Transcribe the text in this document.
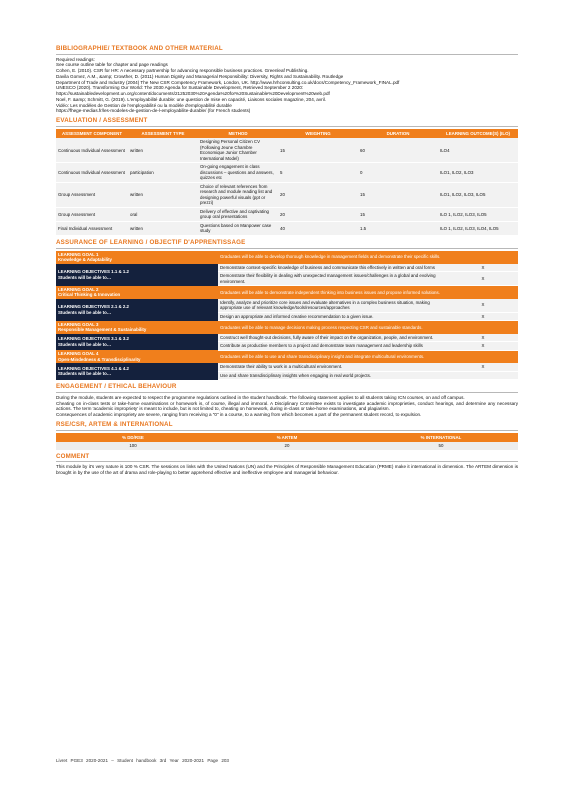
BIBLIOGRAPHIE/ TEXTBOOK AND OTHER MATERIAL

Required readings:

See course outline table for chapter and page readings

Cohen, E. (2010). CSR for HR: A necessary partnership for advancing responsible business practices. Greenleaf Publishing.

Davila Gomez, A.M., &amp; Crowther, D. (2011) Human Dignity and Managerial Responsibility: Diversity, Rights and Sustainability. Routledge

Department of Trade and Industry (2004) The New CSR Competency Framework, London, UK. http://www.hrhconsulting.co.uk/docs/Competency_Framework_FINAL.pdf

UNESCO (2020). Transforming Our World: The 2030 Agenda for Sustainable Development, Retrieved September 2 2020: https://sustainabledevelopment.un.org/content/documents/21252030%20Agenda%20for%20Sustainable%20Development%20web.pdf

Noel, F. &amp; Schmitt, G. (2019). L'employabilité durable: une question de mise en capacité, Liaisons sociales magazine, 204, avril.

Vidéo: Les modèles de Gestion de l'employabilité ou la modèle d'employabilité durable

https://fhege-medias.fr/les-modeles-de-gestion-de-l-employabilite-durable/ (for French students)

EVALUATION / ASSESSMENT
ASSESSMENT COMPONENT	ASSESSMENT TYPE	METHOD	WEIGHTING	DURATION	LEARNING OUTCOME(S) (ILO)
Continuous Individual Assessment	written	Designing Personal Citizen CV (Following Jeune Chambre Economique Junior Chamber International Model)	15	60	ILO4
Continuous Individual Assessment	participation	On-going engagement in class discussions – questions and answers, quizzes etc	5	0	ILO1, ILO2, ILO3
Group Assessment	written	Choice of relevant references from research and module reading list and designing powerful visuals (ppt or prezzi)	20	15	ILO1, ILO2, ILO3, ILO5
Group Assessment	oral	Delivery of effective and captivating group oral presentations	20	15	ILO 1, ILO2, ILO3, ILO5
Final Individual Assessment	written	Questions based on Manpower case study	40	1.5	ILO 1, ILO2, ILO3, ILO4, ILO5
ASSURANCE OF LEARNING / OBJECTIF D'APPRENTISSAGE
LEARNING GOAL 1
Knowledge & Adaptability	Graduates will be able to develop thorough knowledge in management fields and demonstrate their specific skills.	

LEARNING OBJECTIVES 1.1 & 1.2
Students will be able to…	Demonstrate context-specific knowledge of business and communicate this effectively in written and oral forms	X
	Demonstrate their flexibility in dealing with unexpected management issues/challenges in a global and evolving environment.	X

LEARNING GOAL 2
Critical Thinking & Innovation	Graduates will be able to demonstrate independent thinking into business issues and propose informed solutions.	

LEARNING OBJECTIVES 2.1 & 2.2
Students will be able to…	Identify, analyze and prioritize core issues and evaluate alternatives in a complex business situation, making appropriate use of relevant knowledge/tools/resources/approaches	X
	Design an appropriate and informed creative recommendation to a given issue.	X

LEARNING GOAL 3
Responsible Management & Sustainability	Graduates will be able to manage decisions making process respecting CSR and sustainable standards.	

LEARNING OBJECTIVES 3.1 & 3.2
Students will be able to…	Construct well thought-out decisions, fully aware of their impact on the organization, people, and environment.	X
	Contribute as productive members to a project and demonstrate team management and leadership skills	X

LEARNING GOAL 4
Open-Mindedness & Transdisciplinarity	Graduates will be able to use and share transdisciplinary insight and integrate multicultural environments.	

LEARNING OBJECTIVES 4.1 & 4.2
Students will be able to…	Demonstrate their ability to work in a multicultural environment.	X
	Use and share transdisciplinary insights when engaging in real world projects.	
ENGAGEMENT / ETHICAL BEHAVIOUR

During the module, students are expected to respect the programme regulations outlined in the student handbook. The following statement applies to all students taking ICN courses, on and off campus.

Cheating on in-class tests or take-home examinations or homework is, of course, illegal and immoral. A Disciplinary Committee exists to investigate academic improprieties, conduct hearings, and determine any necessary actions. The term 'academic impropriety' is meant to include, but is not limited to, cheating on homework, during in-class or take-home examinations, and plagiarism.

Consequences of academic impropriety are severe, ranging from receiving a "0" in a course, to a warning from which becomes a part of the permanent student record, to expulsion.

RSE/CSR, ARTEM & INTERNATIONAL
% DD/RSE	% ARTEM	% INTERNATIONAL
100	20	50
COMMENT

This module by it's very nature is 100 % CSR. The sessions on links with the United Nations (UN) and the Principles of Responsible Management Education (PRME) make it international in dimension. The ARTEM dimension is brought in by the use of the art of drama and role-playing to better apprehend effective and ineffective employee and managerial behaviour.

Livret PGE3 2020-2021 – Student handbook 3rd Year 2020-2021 Page 203
